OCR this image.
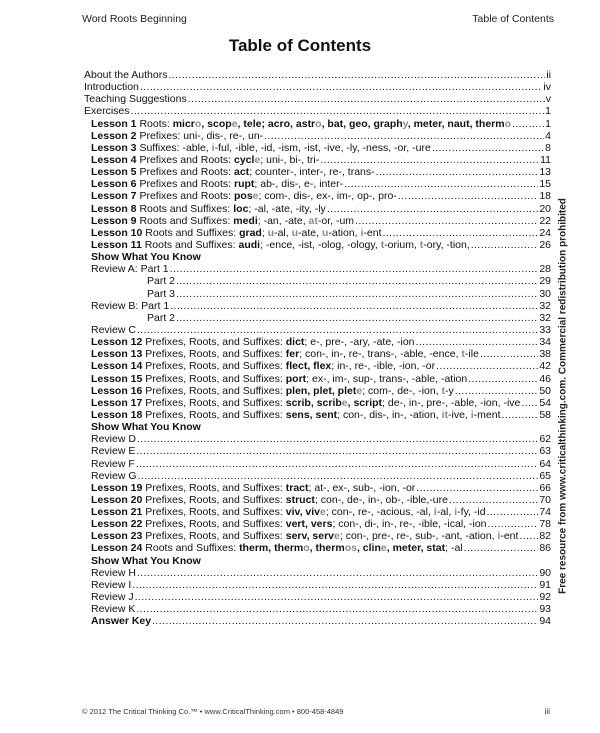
Word Roots Beginning	Table of Contents
Table of Contents
About the Authors .....	ii
Introduction .....	iv
Teaching Suggestions .....	v
Exercises .....	1
Lesson 1 Roots: micro, scope, tele; acro, astro, bat, geo, graphy, meter, naut, thermo .....	1
Lesson 2 Prefixes: uni-, dis-, re-, un- .....	4
Lesson 3 Suffixes: -able, i-ful, -ible, -id, -ism, -ist, -ive, -ly, -ness, -or, -ure .....	8
Lesson 4 Prefixes and Roots: cycle; uni-, bi-, tri- .....	11
Lesson 5 Prefixes and Roots: act; counter-, inter-, re-, trans- .....	13
Lesson 6 Prefixes and Roots: rupt; ab-, dis-, e-, inter- .....	15
Lesson 7 Prefixes and Roots: pose; com-, dis-, ex-, im-, op-, pro- .....	18
Lesson 8 Roots and Suffixes: loc; -al, -ate, -ity, -ly .....	20
Lesson 9 Roots and Suffixes: medi; -an, -ate, at-or, -um .....	22
Lesson 10 Roots and Suffixes: grad; u-al, u-ate, u-ation, i-ent .....	24
Lesson 11 Roots and Suffixes: audi; -ence, -ist, -olog, -ology, t-orium, t-ory, -tion, .....	26
Show What You Know
Review A: Part 1 .....	28
Part 2 .....	29
Part 3 .....	30
Review B: Part 1 .....	32
Part 2 .....	32
Review C .....	33
Lesson 12 Prefixes, Roots, and Suffixes: dict; e-, pre-, -ary, -ate, -ion .....	34
Lesson 13 Prefixes, Roots, and Suffixes: fer; con-, in-, re-, trans-, -able, -ence, t-ile .....	38
Lesson 14 Prefixes, Roots, and Suffixes: flect, flex; in-, re-, -ible, -ion, -or .....	42
Lesson 15 Prefixes, Roots, and Suffixes: port; ex-, im-, sup-, trans-, -able, -ation .....	46
Lesson 16 Prefixes, Roots, and Suffixes: plen, plet, plete; com-, de-, -ion, t-y .....	50
Lesson 17 Prefixes, Roots, and Suffixes: scrib, scribe, script; de-, in-, pre-, -able, -ion, -ive ..... 54
Lesson 18 Prefixes, Roots, and Suffixes: sens, sent; con-, dis-, in-, -ation, it-ive, i-ment .....	58
Show What You Know
Review D .....	62
Review E .....	63
Review F .....	64
Review G .....	65
Lesson 19 Prefixes, Roots, and Suffixes: tract; at-, ex-, sub-, -ion, -or .....	66
Lesson 20 Prefixes, Roots, and Suffixes: struct; con-, de-, in-, ob-, -ible,-ure .....	70
Lesson 21 Prefixes, Roots, and Suffixes: viv, vive; con-, re-, -acious, -al, i-al, i-fy, -id .....	74
Lesson 22 Prefixes, Roots, and Suffixes: vert, vers; con-, di-, in-, re-, -ible, -ical, -ion .....	78
Lesson 23 Prefixes, Roots, and Suffixes: serv, serve; con-, pre-, re-, sub-, -ant, -ation, i-ent ..... 82
Lesson 24 Roots and Suffixes: therm, thermo, thermos, cline, meter, stat; -al .....	86
Show What You Know
Review H .....	90
Review I .....	91
Review J .....	92
Review K .....	93
Answer Key .....	94
Free resource from www.criticalthinking.com. Commercial redistribution prohibited
© 2012 The Critical Thinking Co.™ • www.CriticalThinking.com • 800-458-4849	iii
